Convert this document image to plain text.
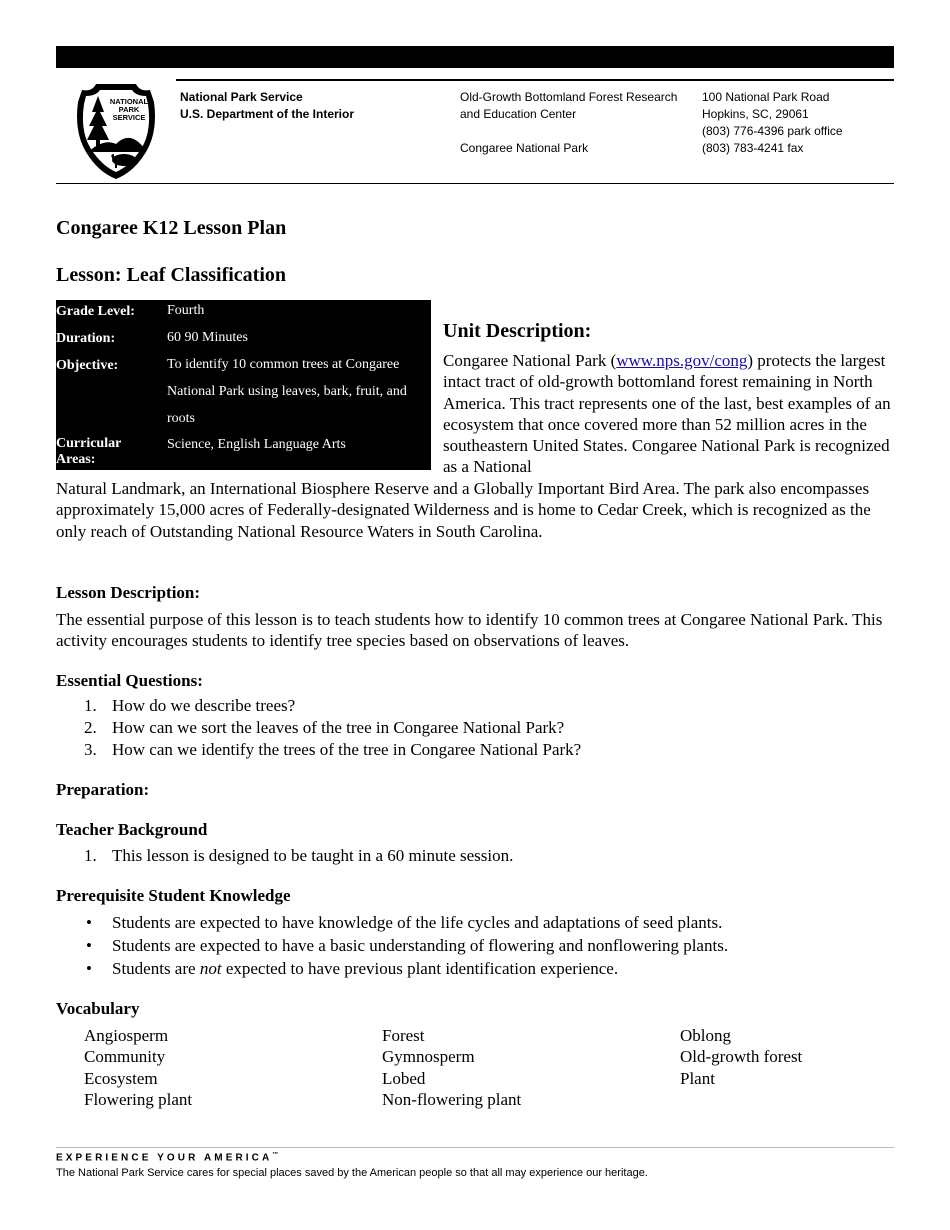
NATIONAL
PARK
SERVICE
National Park Service
U.S. Department of the Interior
Old-Growth Bottomland Forest Research
and Education Center
Congaree National Park
100 National Park Road
Hopkins, SC, 29061
(803) 776-4396 park office
(803) 783-4241 fax
Congaree K12 Lesson Plan
Lesson: Leaf Classification
Grade Level:	Fourth
Duration:	60 90 Minutes
Objective:	To identify 10 common trees at Congaree National Park using leaves, bark, fruit, and roots
Curricular Areas:
Science, English Language Arts
Unit Description:
Congaree National Park (www.nps.gov/cong) protects the largest intact tract of old-growth bottomland forest remaining in North America. This tract represents one of the last, best examples of an ecosystem that once covered more than 52 million acres in the southeastern United States. Congaree National Park is recognized as a National
Natural Landmark, an International Biosphere Reserve and a Globally Important Bird Area. The park also encompasses approximately 15,000 acres of Federally-designated Wilderness and is home to Cedar Creek, which is recognized as the only reach of Outstanding National Resource Waters in South Carolina.
Lesson Description:
The essential purpose of this lesson is to teach students how to identify 10 common trees at Congaree National Park. This activity encourages students to identify tree species based on observations of leaves.
Essential Questions:
1. How do we describe trees?
2. How can we sort the leaves of the tree in Congaree National Park?
3. How can we identify the trees of the tree in Congaree National Park?
Preparation:
Teacher Background
1. This lesson is designed to be taught in a 60 minute session.
Prerequisite Student Knowledge
• Students are expected to have knowledge of the life cycles and adaptations of seed plants.
• Students are expected to have a basic understanding of flowering and nonflowering plants.
• Students are not expected to have previous plant identification experience.
Vocabulary
Angiosperm
Community
Ecosystem
Flowering plant
Forest
Gymnosperm
Lobed
Non-flowering plant
Oblong
Old-growth forest
Plant
EXPERIENCE YOUR AMERICA™
The National Park Service cares for special places saved by the American people so that all may experience our heritage.
